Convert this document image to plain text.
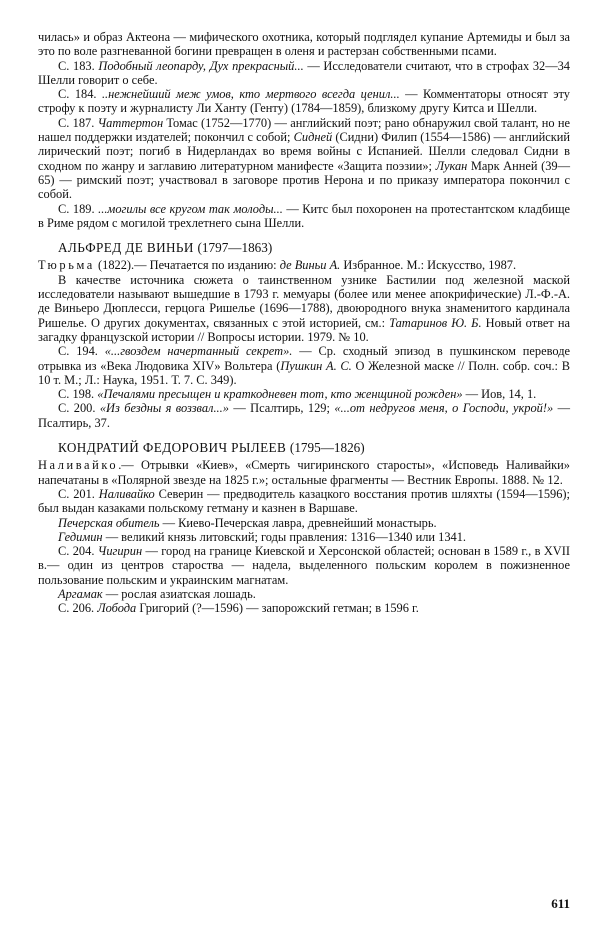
чилась» и образ Актеона — мифического охотника, который подглядел купание Артемиды и был за это по воле разгневанной богини превращен в оленя и растерзан собственными псами.

С. 183. Подобный леопарду, Дух прекрасный... — Исследователи считают, что в строфах 32—34 Шелли говорит о себе.

С. 184. ..нежнейший меж умов, кто мертвого всегда ценил... — Комментаторы относят эту строфу к поэту и журналисту Ли Ханту (Генту) (1784—1859), близкому другу Китса и Шелли.

С. 187. Чаттертон Томас (1752—1770) — английский поэт; рано обнаружил свой талант, но не нашел поддержки издателей; покончил с собой; Сидней (Сидни) Филип (1554—1586) — английский лирический поэт; погиб в Нидерландах во время войны с Испанией. Шелли следовал Сидни в сходном по жанру и заглавию литературном манифесте «Защита поэзии»; Лукан Марк Анней (39—65) — римский поэт; участвовал в заговоре против Нерона и по приказу императора покончил с собой.

С. 189. ...могилы все кругом так молоды... — Китс был похоронен на протестантском кладбище в Риме рядом с могилой трехлетнего сына Шелли.

АЛЬФРЕД ДЕ ВИНЬИ (1797—1863)

Тюрьма (1822).— Печатается по изданию: де Виньи А. Избранное. М.: Искусство, 1987.

В качестве источника сюжета о таинственном узнике Бастилии под железной маской исследователи называют вышедшие в 1793 г. мемуары (более или менее апокрифические) Л.-Ф.-А. де Виньеро Дюплесси, герцога Ришелье (1696—1788), двоюродного внука знаменитого кардинала Ришелье. О других документах, связанных с этой историей, см.: Татаринов Ю. Б. Новый ответ на загадку французской истории // Вопросы истории. 1979. № 10.

С. 194. «...гвоздем начертанный секрет». — Ср. сходный эпизод в пушкинском переводе отрывка из «Века Людовика XIV» Вольтера (Пушкин А. С. О Железной маске // Полн. собр. соч.: В 10 т. М.; Л.: Наука, 1951. Т. 7. С. 349).

С. 198. «Печалями пресыщен и краткодневен тот, кто женщиной рожден» — Иов, 14, 1.

С. 200. «Из бездны я воззвал...» — Псалтирь, 129; «...от недругов меня, о Господи, укрой!» — Псалтирь, 37.

КОНДРАТИЙ ФЕДОРОВИЧ РЫЛЕЕВ (1795—1826)

Наливайко.— Отрывки «Киев», «Смерть чигиринского старосты», «Исповедь Наливайки» напечатаны в «Полярной звезде на 1825 г.»; остальные фрагменты — Вестник Европы. 1888. № 12.

С. 201. Наливайко Северин — предводитель казацкого восстания против шляхты (1594—1596); был выдан казаками польскому гетману и казнен в Варшаве.

Печерская обитель — Киево-Печерская лавра, древнейший монастырь.

Гедимин — великий князь литовский; годы правления: 1316—1340 или 1341.

С. 204. Чигирин — город на границе Киевской и Херсонской областей; основан в 1589 г., в XVII в.— один из центров староства — надела, выделенного польским королем в пожизненное пользование польским и украинским магнатам.

Аргамак — рослая азиатская лошадь.

С. 206. Лобода Григорий (?—1596) — запорожский гетман; в 1596 г.

611
